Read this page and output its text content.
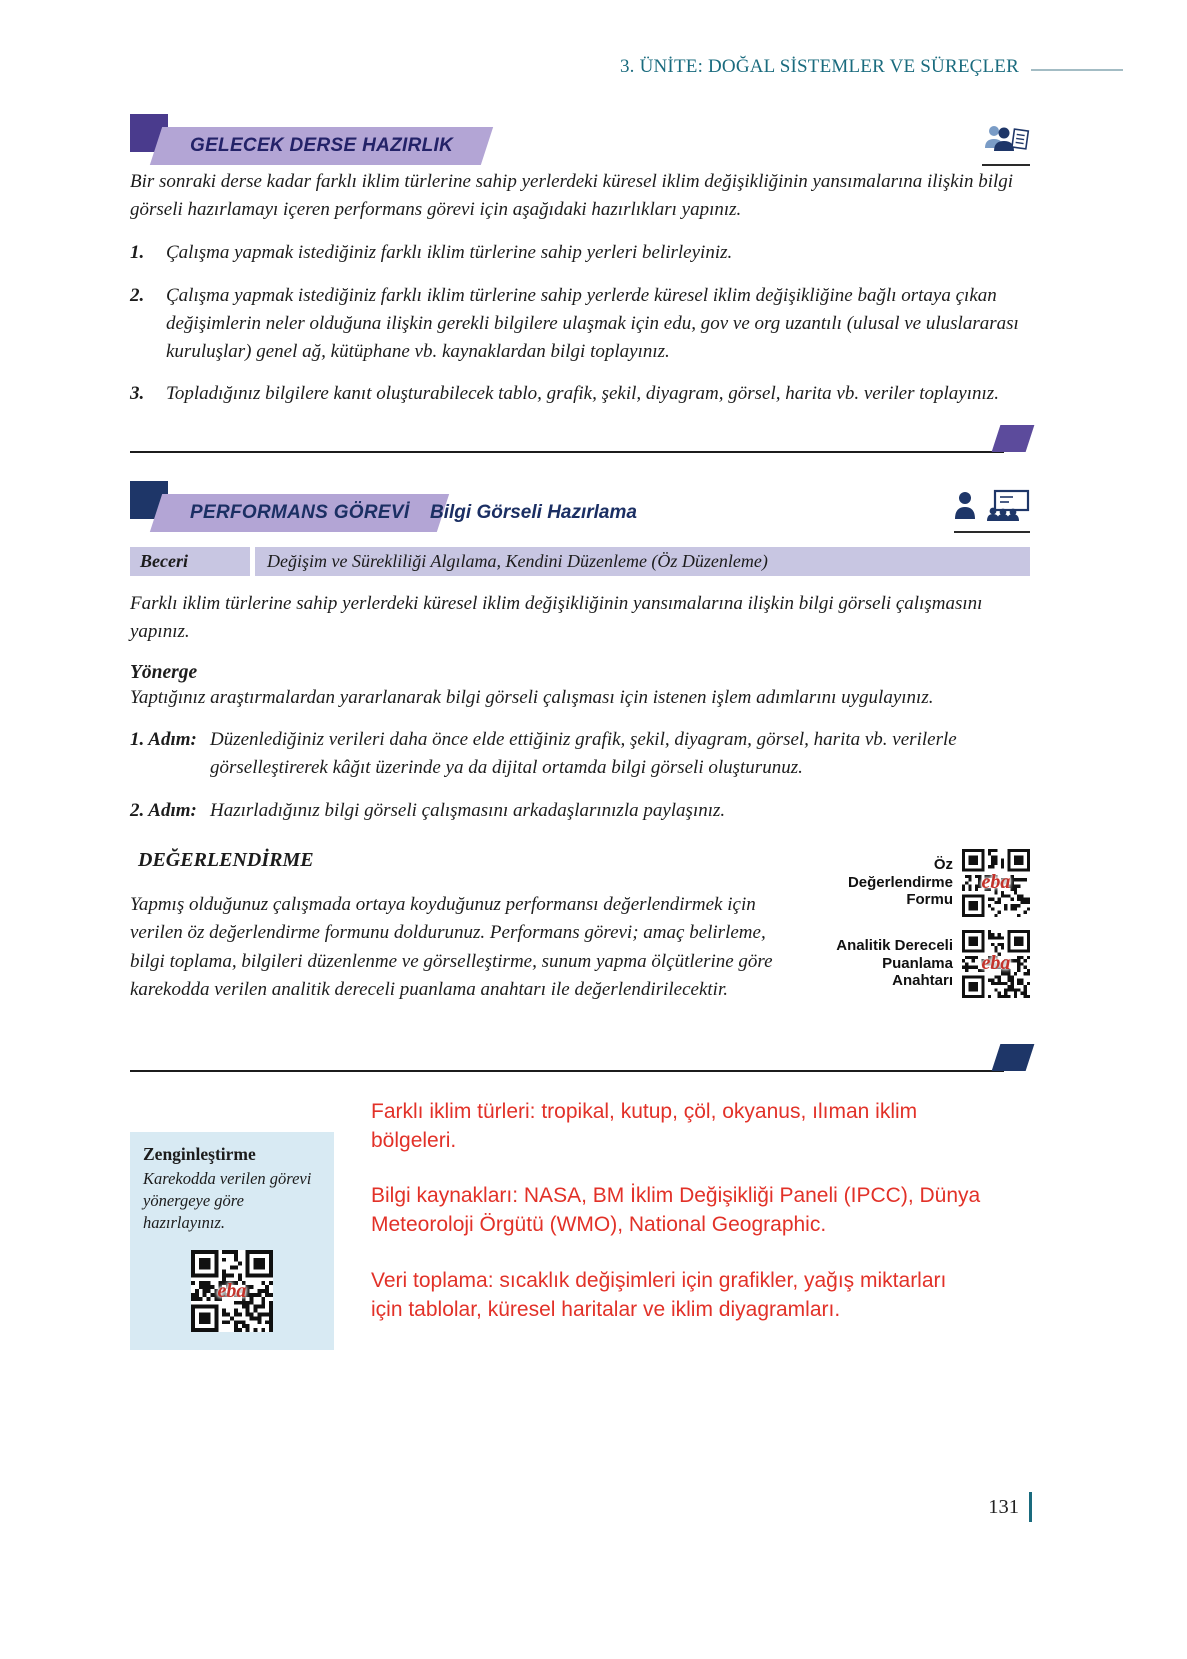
3. ÜNİTE: DOĞAL SİSTEMLER VE SÜREÇLER
GELECEK DERSE HAZIRLIK

Bir sonraki derse kadar farklı iklim türlerine sahip yerlerdeki küresel iklim değişikliğinin yansımalarına ilişkin bilgi görseli hazırlamayı içeren performans görevi için aşağıdaki hazırlıkları yapınız.

1.	Çalışma yapmak istediğiniz farklı iklim türlerine sahip yerleri belirleyiniz.
2.	Çalışma yapmak istediğiniz farklı iklim türlerine sahip yerlerde küresel iklim değişikliğine bağlı ortaya çıkan değişimlerin neler olduğuna ilişkin gerekli bilgilere ulaşmak için edu, gov ve org uzantılı (ulusal ve uluslararası kuruluşlar) genel ağ, kütüphane vb. kaynaklardan bilgi toplayınız.
3.	Topladığınız bilgilere kanıt oluşturabilecek tablo, grafik, şekil, diyagram, görsel, harita vb. veriler toplayınız.
PERFORMANS GÖREVİ Bilgi Görseli Hazırlama
Beceri	Değişim ve Sürekliliği Algılama, Kendini Düzenleme (Öz Düzenleme)

Farklı iklim türlerine sahip yerlerdeki küresel iklim değişikliğinin yansımalarına ilişkin bilgi görseli çalışmasını yapınız.

Yönerge

Yaptığınız araştırmalardan yararlanarak bilgi görseli çalışması için istenen işlem adımlarını uygulayınız.

1. Adım: Düzenlediğiniz verileri daha önce elde ettiğiniz grafik, şekil, diyagram, görsel, harita vb. verilerle görselleştirerek kâğıt üzerinde ya da dijital ortamda bilgi görseli oluşturunuz.
2. Adım: Hazırladığınız bilgi görseli çalışmasını arkadaşlarınızla paylaşınız.
DEĞERLENDİRME

Yapmış olduğunuz çalışmada ortaya koyduğunuz performansı değerlendirmek için verilen öz değerlendirme formunu doldurunuz. Performans görevi; amaç belirleme, bilgi toplama, bilgileri düzenlenme ve görselleştirme, sunum yapma ölçütlerine göre karekodda verilen analitik dereceli puanlama anahtarı ile değerlendirilecektir.

Öz Değerlendirme Formu
eba
Analitik Dereceli Puanlama Anahtarı
eba
Zenginleştirme
Karekodda verilen görevi yönergeye göre hazırlayınız.
eba
Farklı iklim türleri: tropikal, kutup, çöl, okyanus, ılıman iklim bölgeleri.
Bilgi kaynakları: NASA, BM İklim Değişikliği Paneli (IPCC), Dünya Meteoroloji Örgütü (WMO), National Geographic.
Veri toplama: sıcaklık değişimleri için grafikler, yağış miktarları için tablolar, küresel haritalar ve iklim diyagramları.
131
